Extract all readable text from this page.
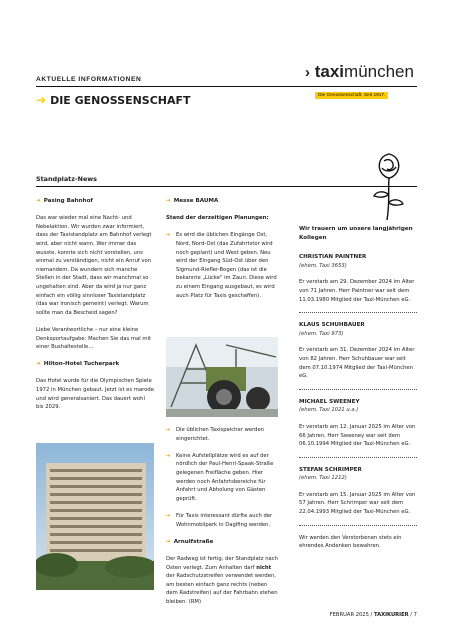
AKTUELLE INFORMATIONEN
➔ DIE GENOSSENSCHAFT
› taximünchen
Die Genossenschaft. Seit 1917.
Standplatz-News
➔ Pasing Bahnhof

Das war wieder mal eine Nacht- und Nebelaktion. Wir wurden zwar informiert, dass der Taxistandplatz am Bahnhof verlegt wird, aber nicht wann. Wer immer das wusste, konnte sich nicht vorstellen, uns einmal zu verständigen, nicht ein Anruf von niemandem. Da wundern sich manche Stellen in der Stadt, dass wir manchmal so ungehalten sind. Aber da wird ja nur ganz einfach ein völlig sinnloser Taxistandplatz (das war ironisch gemeint) verlegt. Warum sollte man da Bescheid sagen?

Liebe Verantwortliche – nur eine kleine Denksportaufgabe: Machen Sie das mal mit einer Bushaltestelle…

➔ Hilton-Hotel Tucherpark

Das Hotel wurde für die Olympischen Spiele 1972 in München gebaut. Jetzt ist es marode und wird generalsaniert. Das dauert wohl bis 2029.

➔ Messe BAUMA
Stand der derzeitigen Planungen:
➔ Es wird die üblichen Eingänge Ost, Nord, Nord-Ost (das Zufahrtstor wird noch geplant) und West geben. Neu wird der Eingang Süd-Ost über den Sigmund-Riefler-Bogen (das ist die bekannte „Lücke" im Zaun. Diese wird zu einem Eingang ausgebaut, es wird auch Platz für Taxis geschaffen).
➔ Die üblichen Taxispeicher werden eingerichtet.
➔ Keine Aufstellplätze wird es auf der nördlich der Paul-Henri-Spaak-Straße gelegenen Freifläche geben. Hier werden noch Anfahrtsbereiche für Anfahrt und Abholung von Gästen geprüft.
➔ Für Taxis interessant dürfte auch der Wohnmobilpark in Daglfing werden.
➔ Arnulfstraße

Der Radweg ist fertig, der Standplatz nach Osten verlegt. Zum Anhalten darf nicht der Radschutzstreifen verwendet werden, am besten einfach ganz rechts (neben dem Radstreifen) auf der Fahrbahn stehen bleiben. (RM)

Wir trauern um unsere langjährigen Kollegen
CHRISTIAN PAINTNER
(ehem. Taxi 3653)
Er verstarb am 29. Dezember 2024 im Alter von 71 Jahren. Herr Paintner war seit dem 11.03.1980 Mitglied der Taxi-München eG.
KLAUS SCHUHBAUER
(ehem. Taxi 973)
Er verstarb am 31. Dezember 2024 im Alter von 82 Jahren. Herr Schuhbauer war seit dem 07.10.1974 Mitglied der Taxi-München eG.
MICHAEL SWEENEY
(ehem. Taxi 1021 u.a.)
Er verstarb am 12. Januar 2025 im Alter von 66 Jahren. Herr Sweeney war seit dem 06.10.1994 Mitglied der Taxi-München eG.
STEFAN SCHRIMPER
(ehem. Taxi 1212)
Er verstarb am 15. Januar 2025 im Alter von 57 Jahren. Herr Schrimper war seit dem 22.04.1993 Mitglied der Taxi-München eG.
Wir werden den Verstorbenen stets ein ehrendes Andenken bewahren.
FEBRUAR 2025 / TAXIKURIER / 7
